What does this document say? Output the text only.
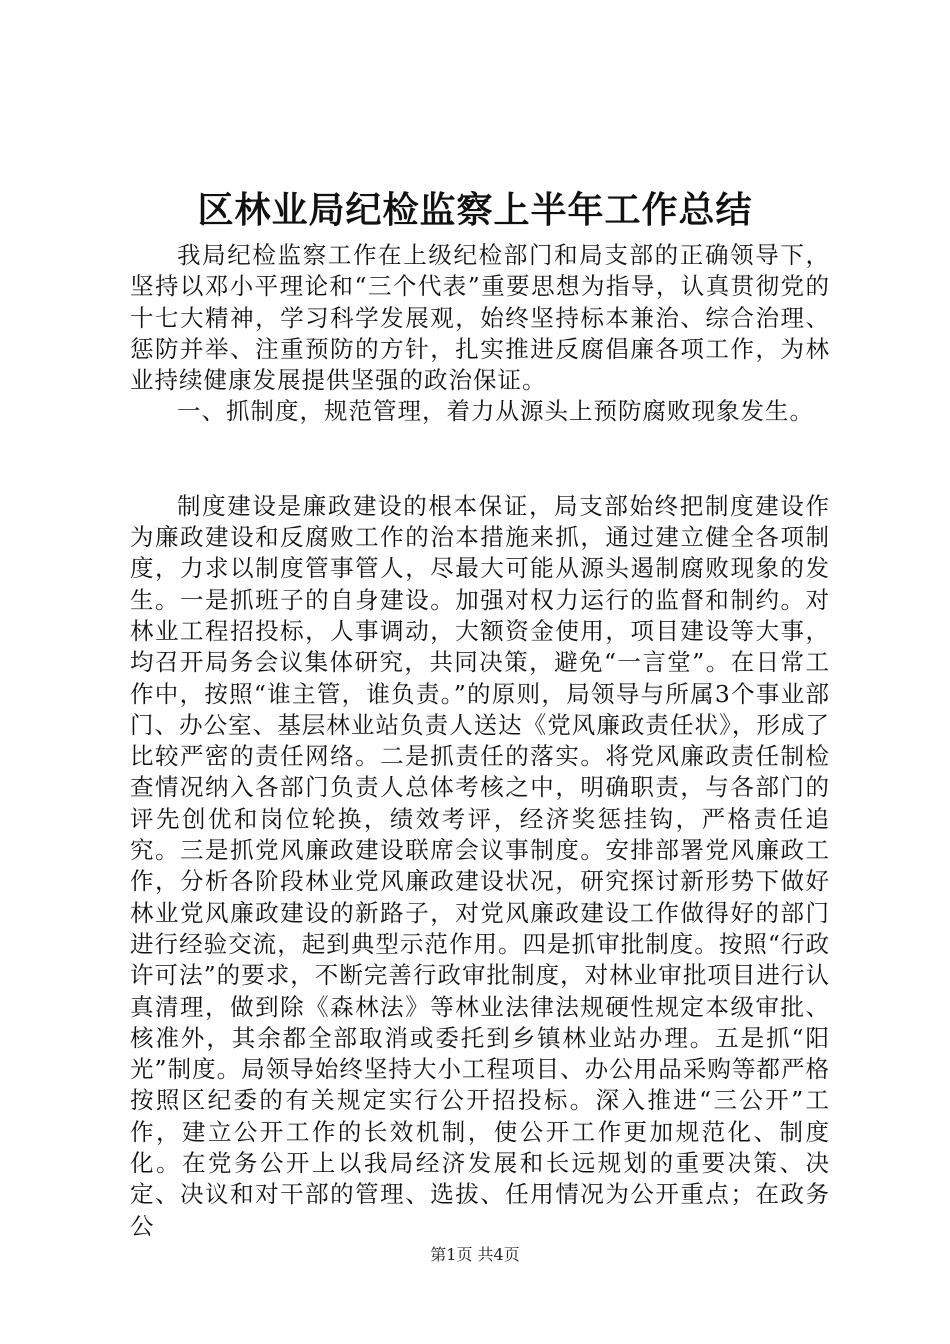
区林业局纪检监察上半年工作总结

我局纪检监察工作在上级纪检部门和局支部的正确领导下，坚持以邓小平理论和“三个代表”重要思想为指导，认真贯彻党的十七大精神，学习科学发展观，始终坚持标本兼治、综合治理、惩防并举、注重预防的方针，扎实推进反腐倡廉各项工作，为林业持续健康发展提供坚强的政治保证。

一、抓制度，规范管理，着力从源头上预防腐败现象发生。

制度建设是廉政建设的根本保证，局支部始终把制度建设作为廉政建设和反腐败工作的治本措施来抓，通过建立健全各项制度，力求以制度管事管人，尽最大可能从源头遏制腐败现象的发生。一是抓班子的自身建设。加强对权力运行的监督和制约。对林业工程招投标，人事调动，大额资金使用，项目建设等大事，均召开局务会议集体研究，共同决策，避免“一言堂”。在日常工作中，按照“谁主管，谁负责。”的原则，局领导与所属3个事业部门、办公室、基层林业站负责人送达《党风廉政责任状》，形成了比较严密的责任网络。二是抓责任的落实。将党风廉政责任制检查情况纳入各部门负责人总体考核之中，明确职责，与各部门的评先创优和岗位轮换，绩效考评，经济奖惩挂钩，严格责任追究。三是抓党风廉政建设联席会议事制度。安排部署党风廉政工作，分析各阶段林业党风廉政建设状况，研究探讨新形势下做好林业党风廉政建设的新路子，对党风廉政建设工作做得好的部门进行经验交流，起到典型示范作用。四是抓审批制度。按照“行政许可法”的要求，不断完善行政审批制度，对林业审批项目进行认真清理，做到除《森林法》等林业法律法规硬性规定本级审批、核准外，其余都全部取消或委托到乡镇林业站办理。五是抓“阳光”制度。局领导始终坚持大小工程项目、办公用品采购等都严格按照区纪委的有关规定实行公开招投标。深入推进“三公开”工作，建立公开工作的长效机制，使公开工作更加规范化、制度化。在党务公开上以我局经济发展和长远规划的重要决策、决定、决议和对干部的管理、选拔、任用情况为公开重点；在政务公

第1页 共4页
